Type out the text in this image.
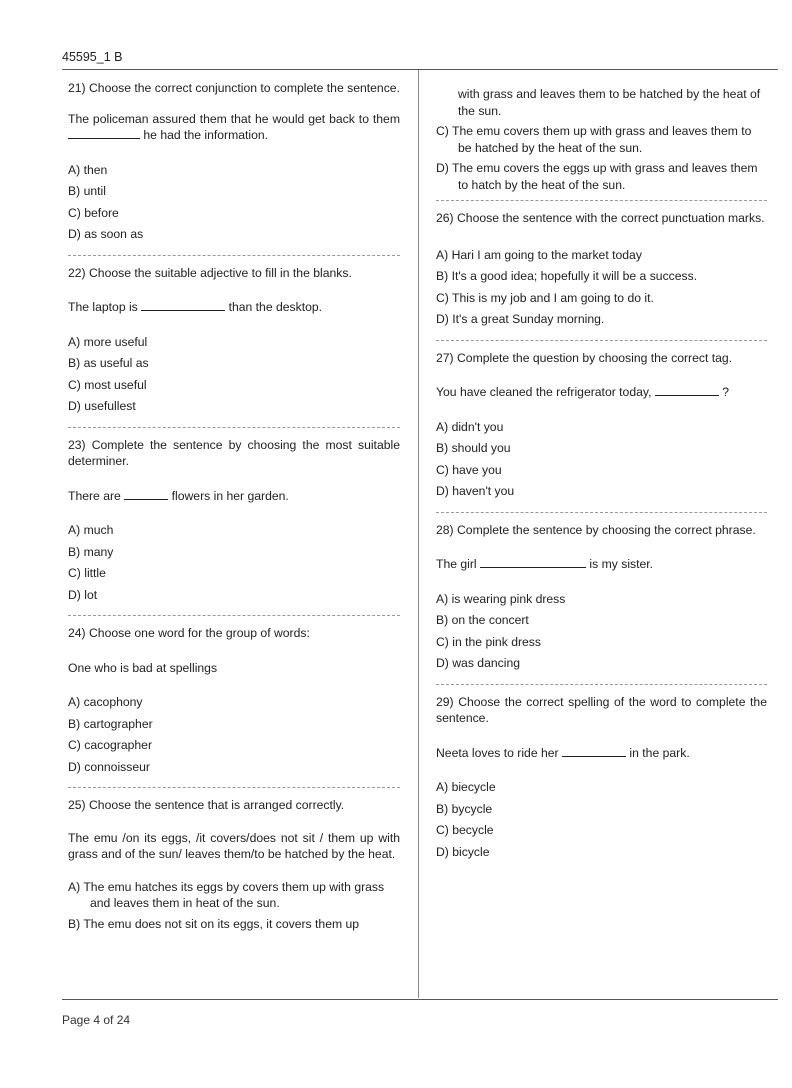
45595_1 B

21) Choose the correct conjunction to complete the sentence.

The policeman assured them that he would get back to them  he had the information.

A) then
B) until
C) before
D) as soon as

22) Choose the suitable adjective to fill in the blanks.

The laptop is	than the desktop.

A) more useful
B) as useful as
C) most useful
D) usefullest

23) Complete the sentence by choosing the most suitable determiner.

There are	flowers in her garden.

A) much
B) many
C) little
D) lot

24) Choose one word for the group of words:

One who is bad at spellings

A) cacophony
B) cartographer
C) cacographer
D) connoisseur

25) Choose the sentence that is arranged correctly.

The emu /on its eggs, /it covers/does not sit / them up with grass and of the sun/ leaves them/to be hatched by the heat.

A) The emu hatches its eggs by covers them up with grass and leaves them in heat of the sun.
B) The emu does not sit on its eggs, it covers them up
with grass and leaves them to be hatched by the heat of the sun.
C) The emu covers them up with grass and leaves them to be hatched by the heat of the sun.
D) The emu covers the eggs up with grass and leaves them to hatch by the heat of the sun.

26) Choose the sentence with the correct punctuation marks.

A) Hari I am going to the market today
B) It's a good idea; hopefully it will be a success.
C) This is my job and I am going to do it.
D) It's a great Sunday morning.

27) Complete the question by choosing the correct tag.

You have cleaned the refrigerator today,	?

A) didn't you
B) should you
C) have you
D) haven't you

28) Complete the sentence by choosing the correct phrase.

The girl	is my sister.

A) is wearing pink dress
B) on the concert
C) in the pink dress
D) was dancing

29) Choose the correct spelling of the word to complete the sentence.

Neeta loves to ride her	in the park.

A) biecycle
B) bycycle
C) becycle
D) bicycle
Page 4 of 24
